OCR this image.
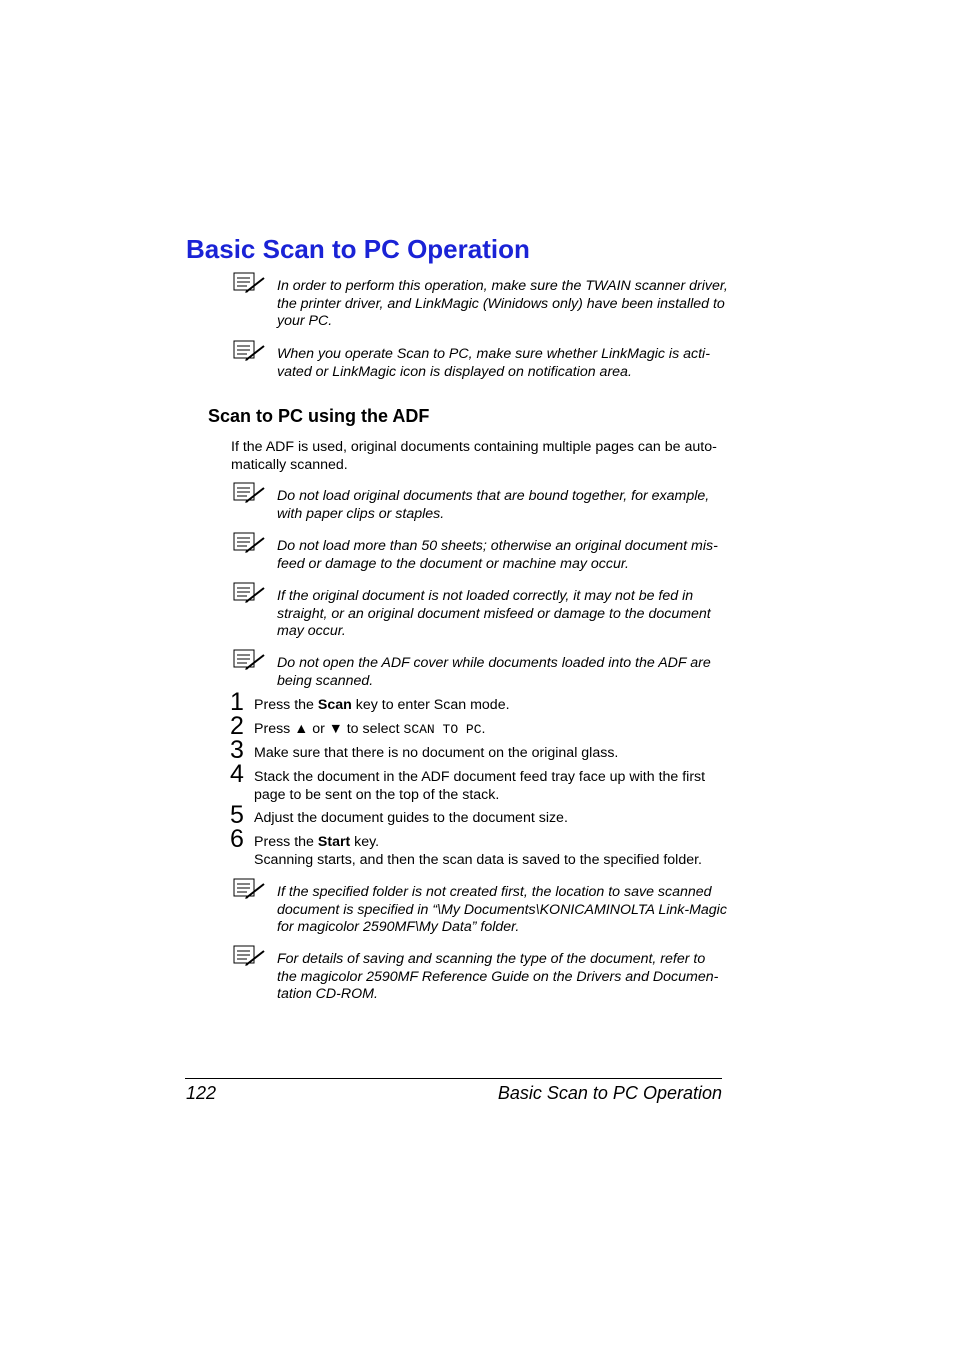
Basic Scan to PC Operation
In order to perform this operation, make sure the TWAIN scanner driver, the printer driver, and LinkMagic (Winidows only) have been installed to your PC.
When you operate Scan to PC, make sure whether LinkMagic is acti-vated or LinkMagic icon is displayed on notification area.
Scan to PC using the ADF
If the ADF is used, original documents containing multiple pages can be auto-matically scanned.
Do not load original documents that are bound together, for example, with paper clips or staples.
Do not load more than 50 sheets; otherwise an original document mis-feed or damage to the document or machine may occur.
If the original document is not loaded correctly, it may not be fed in straight, or an original document misfeed or damage to the document may occur.
Do not open the ADF cover while documents loaded into the ADF are being scanned.
1 Press the Scan key to enter Scan mode.
2 Press ▲ or ▼ to select SCAN TO PC.
3 Make sure that there is no document on the original glass.
4 Stack the document in the ADF document feed tray face up with the first page to be sent on the top of the stack.
5 Adjust the document guides to the document size.
6 Press the Start key.
Scanning starts, and then the scan data is saved to the specified folder.
If the specified folder is not created first, the location to save scanned document is specified in “\My Documents\KONICAMINOLTA Link-Magic for magicolor 2590MF\My Data” folder.
For details of saving and scanning the type of the document, refer to the magicolor 2590MF Reference Guide on the Drivers and Documen-tation CD-ROM.
122	Basic Scan to PC Operation
